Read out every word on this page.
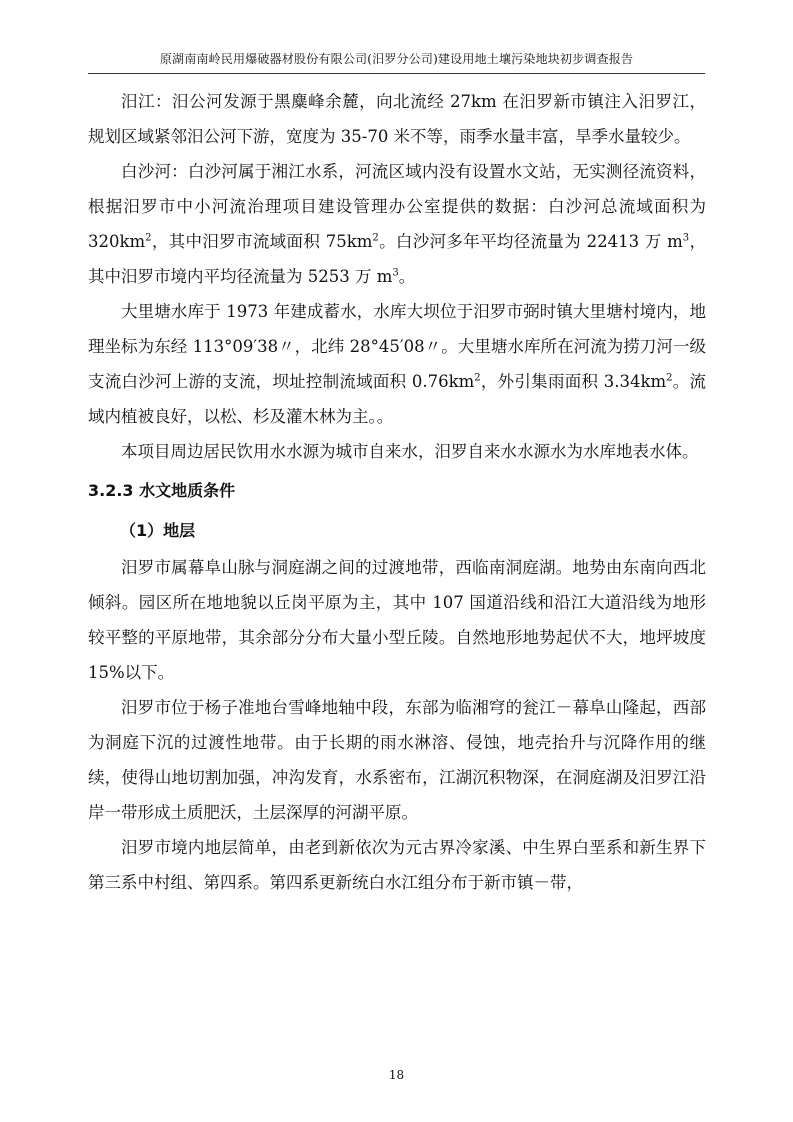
原湖南南岭民用爆破器材股份有限公司(汨罗分公司)建设用地土壤污染地块初步调查报告

汨江：汨公河发源于黑麋峰余麓，向北流经 27km 在汨罗新市镇注入汨罗江，规划区域紧邻汨公河下游，宽度为 35-70 米不等，雨季水量丰富，旱季水量较少。

白沙河：白沙河属于湘江水系，河流区域内没有设置水文站，无实测径流资料，根据汨罗市中小河流治理项目建设管理办公室提供的数据：白沙河总流域面积为 $320km^2$，其中汨罗市流域面积 $75km^2$。白沙河多年平均径流量为 22413 万 $m^3$，其中汨罗市境内平均径流量为 5253 万 $m^3$。

大里塘水库于 1973 年建成蓄水，水库大坝位于汨罗市弼时镇大里塘村境内，地理坐标为东经 113°09′38〃，北纬 28°45′08〃。大里塘水库所在河流为捞刀河一级支流白沙河上游的支流，坝址控制流域面积 $0.76km^2$，外引集雨面积 $3.34km^2$。流域内植被良好，以松、杉及灌木林为主。。

本项目周边居民饮用水水源为城市自来水，汨罗自来水水源水为水库地表水体。

3.2.3 水文地质条件
（1）地层

汨罗市属幕阜山脉与洞庭湖之间的过渡地带，西临南洞庭湖。地势由东南向西北倾斜。园区所在地地貌以丘岗平原为主，其中 107 国道沿线和沿江大道沿线为地形较平整的平原地带，其余部分分布大量小型丘陵。自然地形地势起伏不大，地坪坡度 15%以下。

汨罗市位于杨子准地台雪峰地轴中段，东部为临湘穹的瓮江－幕阜山隆起，西部为洞庭下沉的过渡性地带。由于长期的雨水淋溶、侵蚀，地壳抬升与沉降作用的继续，使得山地切割加强，冲沟发育，水系密布，江湖沉积物深，在洞庭湖及汨罗江沿岸一带形成土质肥沃，土层深厚的河湖平原。

汨罗市境内地层简单，由老到新依次为元古界冷家溪、中生界白垩系和新生界下第三系中村组、第四系。第四系更新统白水江组分布于新市镇－带，

18
